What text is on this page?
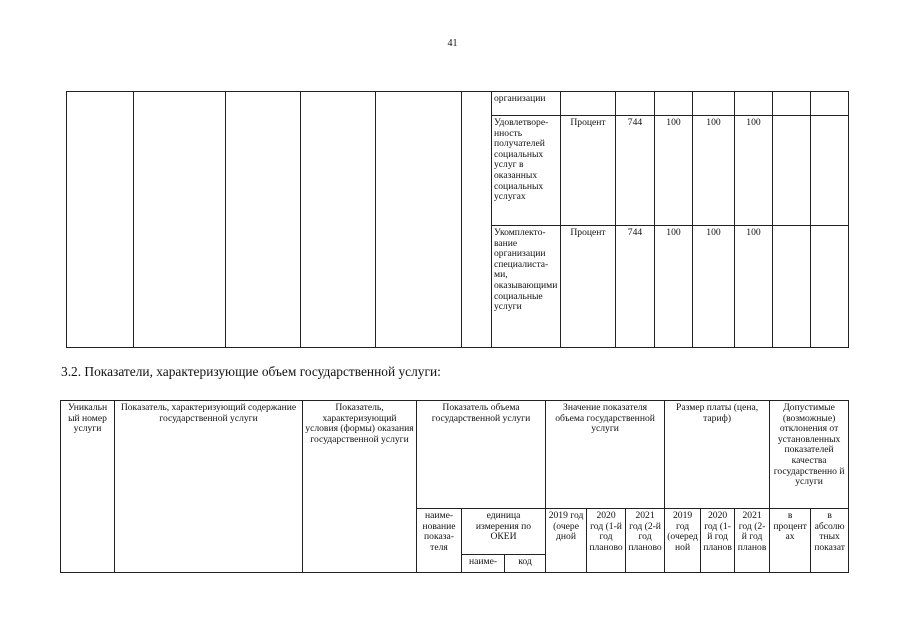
41
						организации							
						Удовлетворенность получателей социальных услуг в оказанных социальных услугах	Процент	744	100	100	100		
						Укомплектование организации специалистами, оказывающими социальные услуги	Процент	744	100	100	100		
3.2. Показатели, характеризующие объем государственной услуги:
Уникальн ый номер услуги	Показатель, характеризующий содержание государственной услуги	Показатель, характеризующий условия (формы) оказания государственной услуги	Показатель объема государственной услуги			Значение показателя объема государственной услуги			Размер платы (цена, тариф)			Допустимые (возможные) отклонения от установленных показателей качества государственно й услуги	
			наиме- нование показа- теля	единица измерения по ОКЕИ		2019 год (очере дной	2020 год (1-й год планово	2021 год (2-й год планово	2019 год (очеред ной	2020 год (1- й год планов	2021 год (2- й год планов	в процент ах	в абсолю тных показат
				наиме-	код								
